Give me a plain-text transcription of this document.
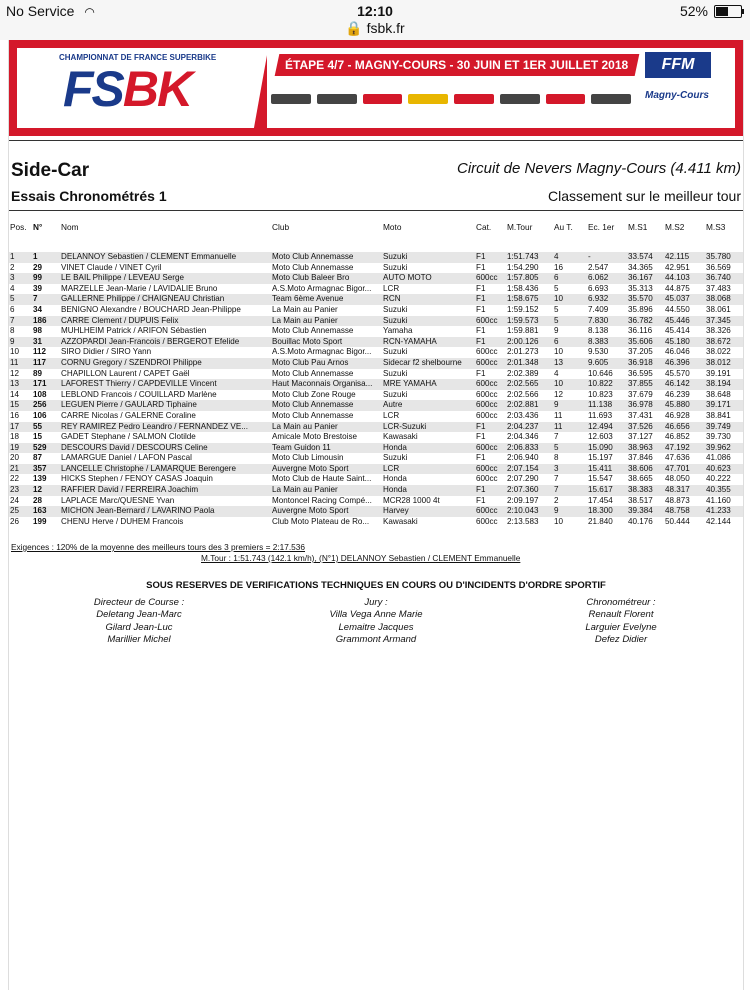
No Service ◠	12:10	52%
🔒 fsbk.fr
CHAMPIONNAT DE FRANCE SUPERBIKE
FSBK	ÉTAPE 4/7 - MAGNY-COURS - 30 JUIN ET 1ER JUILLET 2018	FFM
Magny-Cours
Side-Car
Essais Chronométrés 1
Circuit de Nevers Magny-Cours (4.411 km)
Classement sur le meilleur tour
Pos. N°	Nom	Club	Moto	Cat.	M.Tour	Au T.	Ec. 1er	M.S1	M.S2	M.S3
1	1	DELANNOY Sebastien / CLEMENT Emmanuelle	Moto Club Annemasse	Suzuki	F1	1:51.743	4	-	33.574	42.115	35.780
2	29	VINET Claude / VINET Cyril	Moto Club Annemasse	Suzuki	F1	1:54.290	16	2.547	34.365	42.951	36.569
3	99	LE BAIL Philippe / LEVEAU Serge	Moto Club Baleer Bro	AUTO MOTO	600cc	1:57.805	6	6.062	36.167	44.103	36.740
4	39	MARZELLE Jean-Marie / LAVIDALIE Bruno	A.S.Moto Armagnac Bigor...	LCR	F1	1:58.436	5	6.693	35.313	44.875	37.483
5	7	GALLERNE Philippe / CHAIGNEAU Christian	Team 6ème Avenue	RCN	F1	1:58.675	10	6.932	35.570	45.037	38.068
6	34	BENIGNO Alexandre / BOUCHARD Jean-Philippe	La Main au Panier	Suzuki	F1	1:59.152	5	7.409	35.896	44.550	38.061
7	186	CARRE Clement / DUPUIS Felix	La Main au Panier	Suzuki	600cc	1:59.573	5	7.830	36.782	45.446	37.345
8	98	MUHLHEIM Patrick / ARIFON Sébastien	Moto Club Annemasse	Yamaha	F1	1:59.881	9	8.138	36.116	45.414	38.326
9	31	AZZOPARDI Jean-Francois / BERGEROT Efelide	Bouillac Moto Sport	RCN-YAMAHA	F1	2:00.126	6	8.383	35.606	45.180	38.672
10	112	SIRO Didier / SIRO Yann	A.S.Moto Armagnac Bigor...	Suzuki	600cc	2:01.273	10	9.530	37.205	46.046	38.022
11	117	CORNU Gregory / SZENDROI Philippe	Moto Club Pau Arnos	Sidecar f2 shelbourne	600cc	2:01.348	13	9.605	36.918	46.396	38.012
12	89	CHAPILLON Laurent / CAPET Gaël	Moto Club Annemasse	Suzuki	F1	2:02.389	4	10.646	36.595	45.570	39.191
13	171	LAFOREST Thierry / CAPDEVILLE Vincent	Haut Maconnais Organisa...	MRE YAMAHA	600cc	2:02.565	10	10.822	37.855	46.142	38.194
14	108	LEBLOND Francois / COUILLARD Marlène	Moto Club Zone Rouge	Suzuki	600cc	2:02.566	12	10.823	37.679	46.239	38.648
15	256	LEGUEN Pierre / GAULARD Tiphaine	Moto Club Annemasse	Autre	600cc	2:02.881	9	11.138	36.978	45.880	39.171
16	106	CARRE Nicolas / GALERNE Coraline	Moto Club Annemasse	LCR	600cc	2:03.436	11	11.693	37.431	46.928	38.841
17	55	REY RAMIREZ Pedro Leandro / FERNANDEZ VE...	La Main au Panier	LCR-Suzuki	F1	2:04.237	11	12.494	37.526	46.656	39.749
18	15	GADET Stephane / SALMON Clotilde	Amicale Moto Brestoise	Kawasaki	F1	2:04.346	7	12.603	37.127	46.852	39.730
19	529	DESCOURS David / DESCOURS Celine	Team Guidon 11	Honda	600cc	2:06.833	5	15.090	38.963	47.192	39.962
20	87	LAMARGUE Daniel / LAFON Pascal	Moto Club Limousin	Suzuki	F1	2:06.940	8	15.197	37.846	47.636	41.086
21	357	LANCELLE Christophe / LAMARQUE Berengere	Auvergne Moto Sport	LCR	600cc	2:07.154	3	15.411	38.606	47.701	40.623
22	139	HICKS Stephen / FENOY CASAS Joaquin	Moto Club de Haute Saint...	Honda	600cc	2:07.290	7	15.547	38.665	48.050	40.222
23	12	RAFFIER David / FERREIRA Joachim	La Main au Panier	Honda	F1	2:07.360	7	15.617	38.383	48.317	40.355
24	28	LAPLACE Marc/QUESNE Yvan	Montoncel Racing Compé...	MCR28 1000 4t	F1	2:09.197	2	17.454	38.517	48.873	41.160
25	163	MICHON Jean-Bernard / LAVARINO Paola	Auvergne Moto Sport	Harvey	600cc	2:10.043	9	18.300	39.384	48.758	41.233
26	199	CHENU Herve / DUHEM Francois	Club Moto Plateau de Ro...	Kawasaki	600cc	2:13.583	10	21.840	40.176	50.444	42.144
Exigences : 120% de la moyenne des meilleurs tours des 3 premiers = 2:17.536
M.Tour : 1:51.743 (142.1 km/h), (N°1) DELANNOY Sebastien / CLEMENT Emmanuelle
SOUS RESERVES DE VERIFICATIONS TECHNIQUES EN COURS OU D'INCIDENTS D'ORDRE SPORTIF
Directeur de Course :
Deletang Jean-Marc
Gilard Jean-Luc
Marillier Michel
Jury :
Villa Vega Anne Marie
Lemaitre Jacques
Grammont Armand
Chronométreur :
Renault Florent
Larguier Evelyne
Defez Didier
